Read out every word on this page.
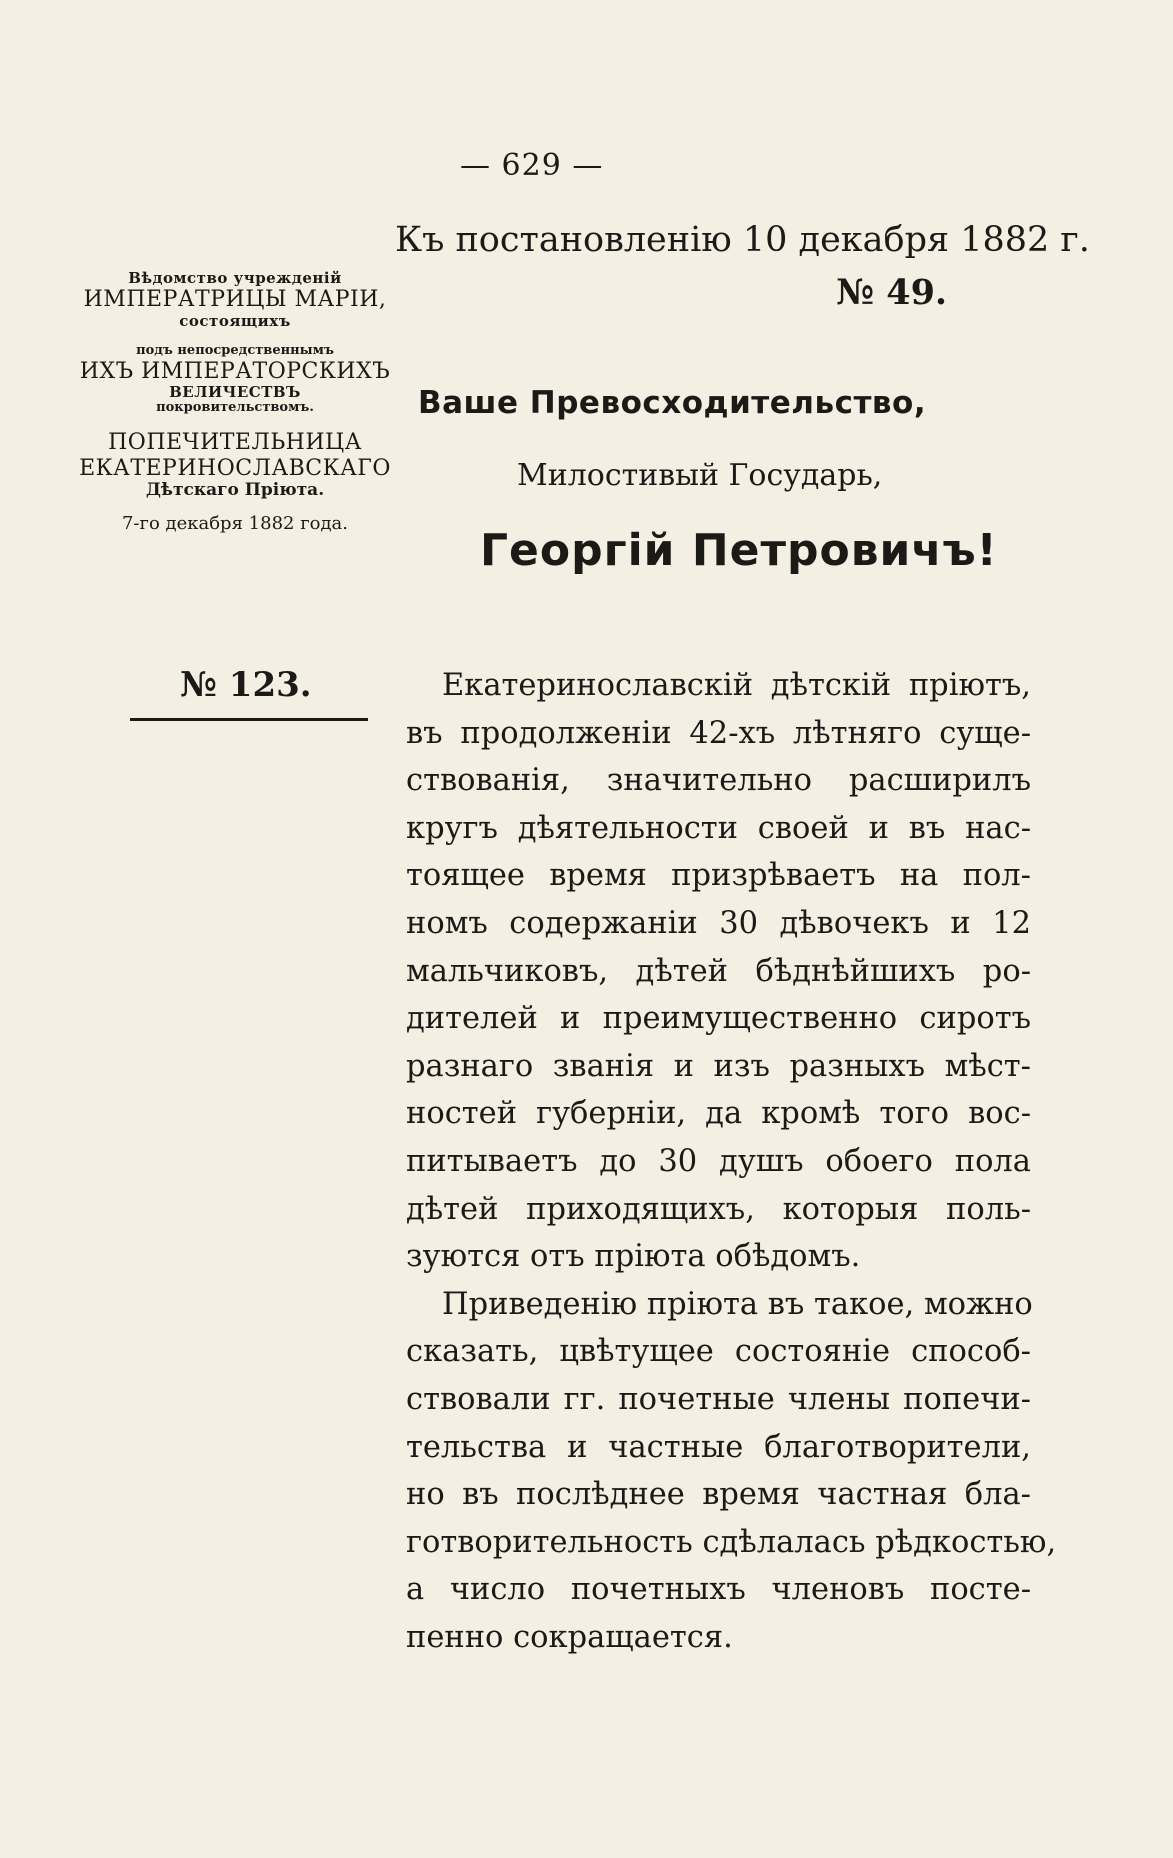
— 629 —
Къ постановленію 10 декабря 1882 г.
№ 49.
Вѣдомство учрежденій
ИМПЕРАТРИЦЫ МАРІИ,
состоящихъ
подъ непосредственнымъ
ИХЪ ИМПЕРАТОРСКИХЪ
ВЕЛИЧЕСТВЪ
покровительствомъ.
ПОПЕЧИТЕЛЬНИЦА
ЕКАТЕРИНОСЛАВСКАГО
Дѣтскаго Пріюта.
7-го декабря 1882 года.
№ 123.
Ваше Превосходительство,
Милостивый Государь,
Георгій Петровичъ!
Екатеринославскій дѣтскій пріютъ,
въ продолженіи 42-хъ лѣтняго суще-
ствованія, значительно расширилъ
кругъ дѣятельности своей и въ нас-
тоящее время призрѣваетъ на пол-
номъ содержаніи 30 дѣвочекъ и 12
мальчиковъ, дѣтей бѣднѣйшихъ ро-
дителей и преимущественно сиротъ
разнаго званія и изъ разныхъ мѣст-
ностей губерніи, да кромѣ того вос-
питываетъ до 30 душъ обоего пола
дѣтей приходящихъ, которыя поль-
зуются отъ пріюта обѣдомъ.
Приведенію пріюта въ такое, можно
сказать, цвѣтущее состояніе способ-
ствовали гг. почетные члены попечи-
тельства и частные благотворители,
но въ послѣднее время частная бла-
готворительность сдѣлалась рѣдкостью,
а число почетныхъ членовъ посте-
пенно сокращается.
